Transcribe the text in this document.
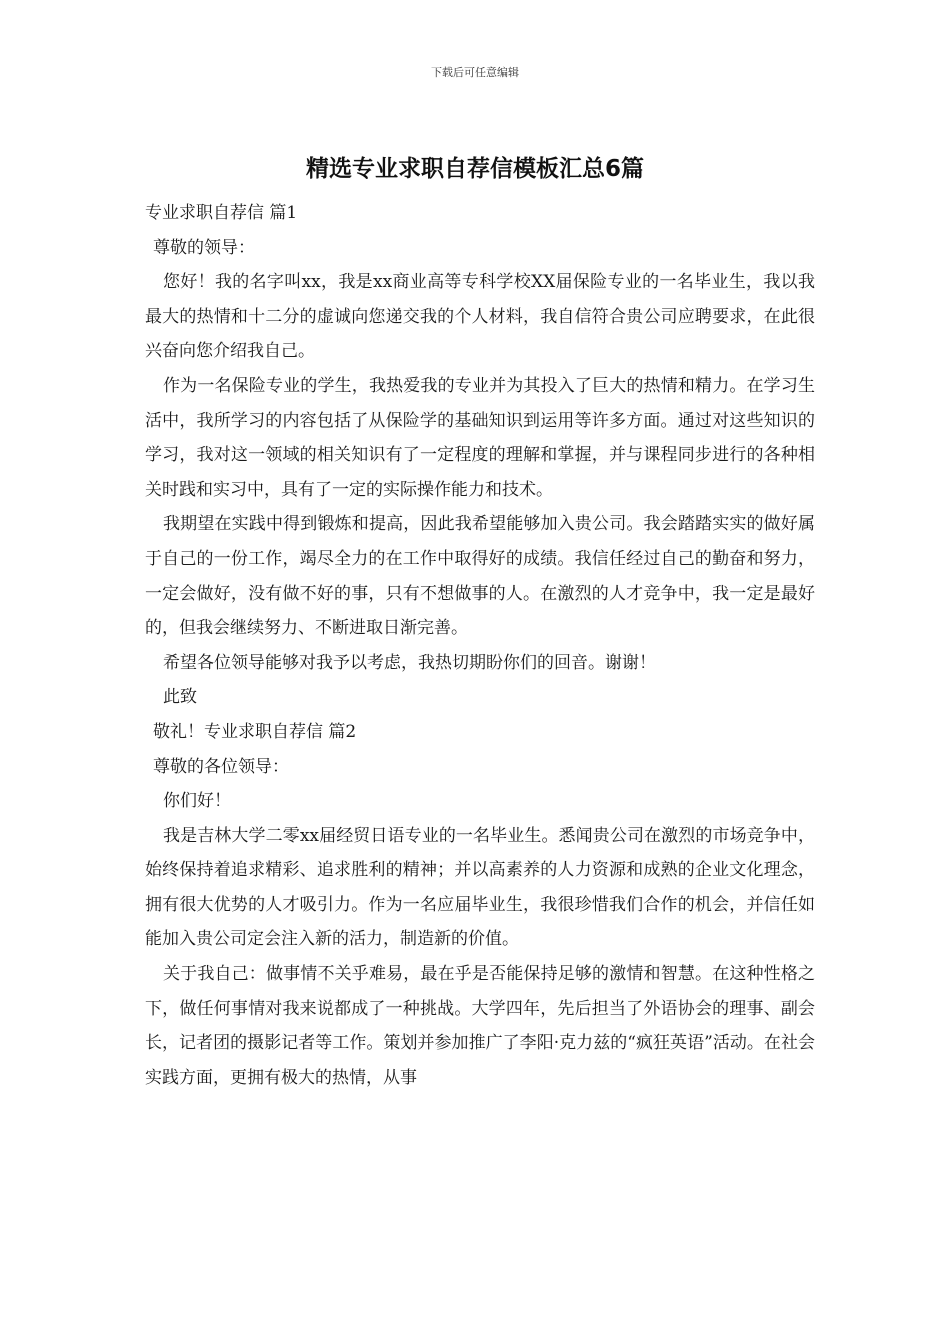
下载后可任意编辑
精选专业求职自荐信模板汇总6篇

专业求职自荐信 篇1

尊敬的领导：

您好！我的名字叫xx，我是xx商业高等专科学校XX届保险专业的一名毕业生，我以我最大的热情和十二分的虚诚向您递交我的个人材料，我自信符合贵公司应聘要求，在此很兴奋向您介绍我自己。

作为一名保险专业的学生，我热爱我的专业并为其投入了巨大的热情和精力。在学习生活中，我所学习的内容包括了从保险学的基础知识到运用等许多方面。通过对这些知识的学习，我对这一领域的相关知识有了一定程度的理解和掌握，并与课程同步进行的各种相关时践和实习中，具有了一定的实际操作能力和技术。

我期望在实践中得到锻炼和提高，因此我希望能够加入贵公司。我会踏踏实实的做好属于自己的一份工作，竭尽全力的在工作中取得好的成绩。我信任经过自己的勤奋和努力，一定会做好，没有做不好的事，只有不想做事的人。在激烈的人才竞争中，我一定是最好的，但我会继续努力、不断进取日渐完善。

希望各位领导能够对我予以考虑，我热切期盼你们的回音。谢谢！

此致

敬礼！专业求职自荐信 篇2

尊敬的各位领导：

你们好！

我是吉林大学二零xx届经贸日语专业的一名毕业生。悉闻贵公司在激烈的市场竞争中，始终保持着追求精彩、追求胜利的精神；并以高素养的人力资源和成熟的企业文化理念，拥有很大优势的人才吸引力。作为一名应届毕业生，我很珍惜我们合作的机会，并信任如能加入贵公司定会注入新的活力，制造新的价值。

关于我自己：做事情不关乎难易，最在乎是否能保持足够的激情和智慧。在这种性格之下，做任何事情对我来说都成了一种挑战。大学四年，先后担当了外语协会的理事、副会长，记者团的摄影记者等工作。策划并参加推广了李阳·克力兹的“疯狂英语”活动。在社会实践方面，更拥有极大的热情，从事
